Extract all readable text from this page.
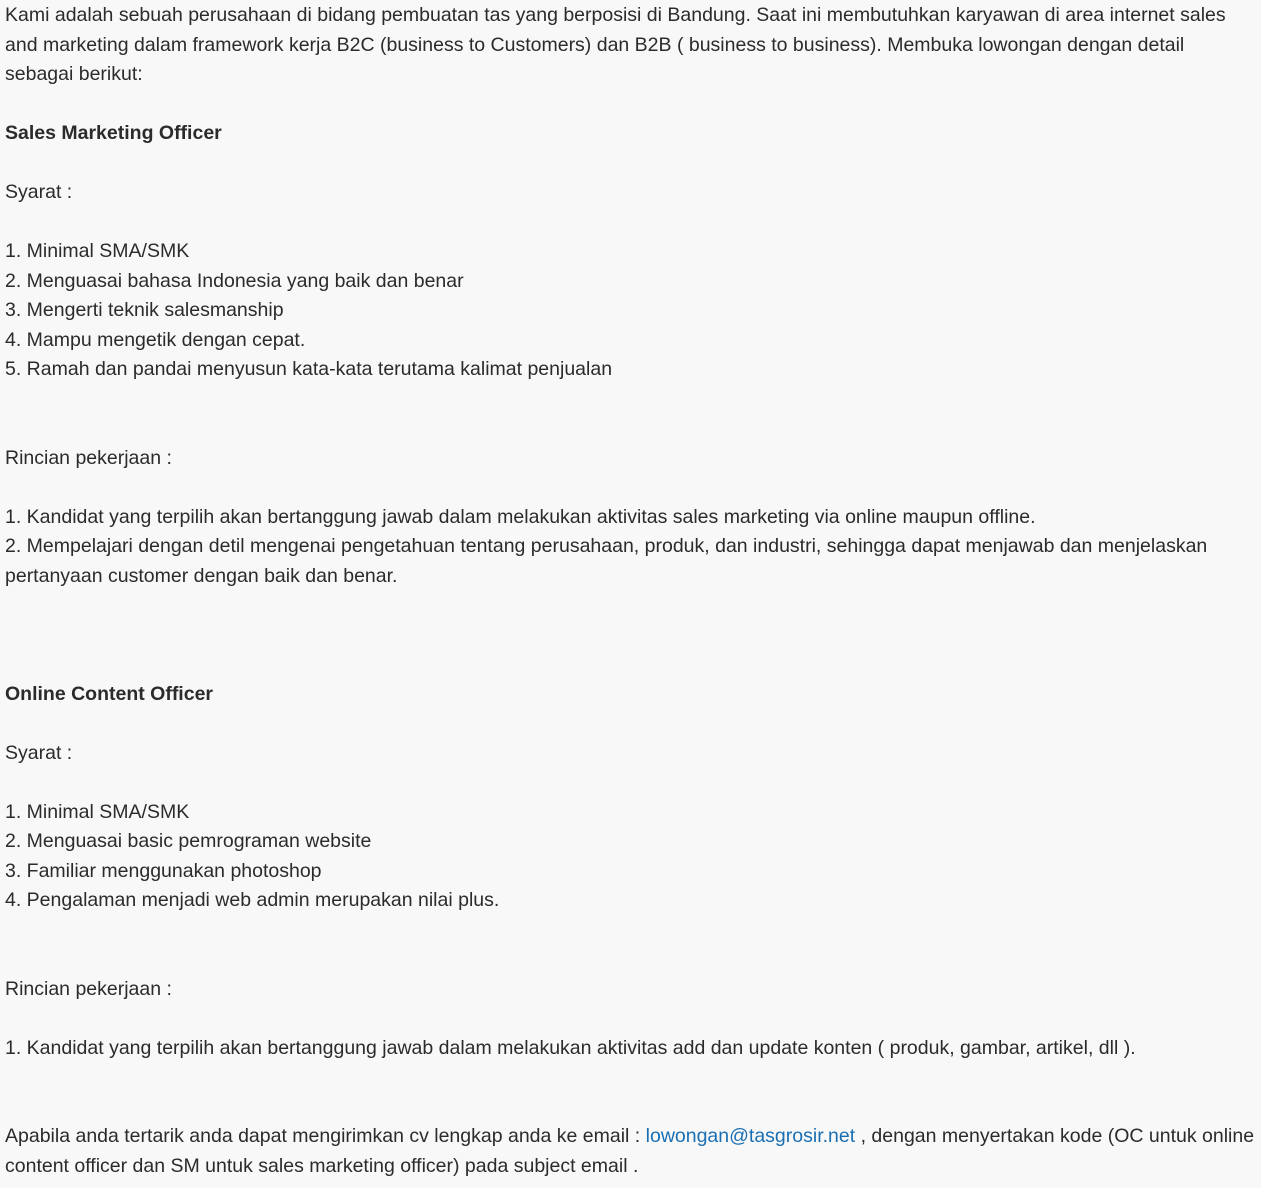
Kami adalah sebuah perusahaan di bidang pembuatan tas yang berposisi di Bandung. Saat ini membutuhkan karyawan di area internet sales and marketing dalam framework kerja B2C (business to Customers) dan B2B ( business to business). Membuka lowongan dengan detail sebagai berikut:

Sales Marketing Officer

Syarat :

1. Minimal SMA/SMK

2. Menguasai bahasa Indonesia yang baik dan benar

3. Mengerti teknik salesmanship

4. Mampu mengetik dengan cepat.

5. Ramah dan pandai menyusun kata-kata terutama kalimat penjualan

Rincian pekerjaan :

1. Kandidat yang terpilih akan bertanggung jawab dalam melakukan aktivitas sales marketing via online maupun offline.

2. Mempelajari dengan detil mengenai pengetahuan tentang perusahaan, produk, dan industri, sehingga dapat menjawab dan menjelaskan pertanyaan customer dengan baik dan benar.

Online Content Officer

Syarat :

1. Minimal SMA/SMK

2. Menguasai basic pemrograman website

3. Familiar menggunakan photoshop

4. Pengalaman menjadi web admin merupakan nilai plus.

Rincian pekerjaan :

1. Kandidat yang terpilih akan bertanggung jawab dalam melakukan aktivitas add dan update konten ( produk, gambar, artikel, dll ).

Apabila anda tertarik anda dapat mengirimkan cv lengkap anda ke email : lowongan@tasgrosir.net , dengan menyertakan kode (OC untuk online content officer dan SM untuk sales marketing officer) pada subject email .
